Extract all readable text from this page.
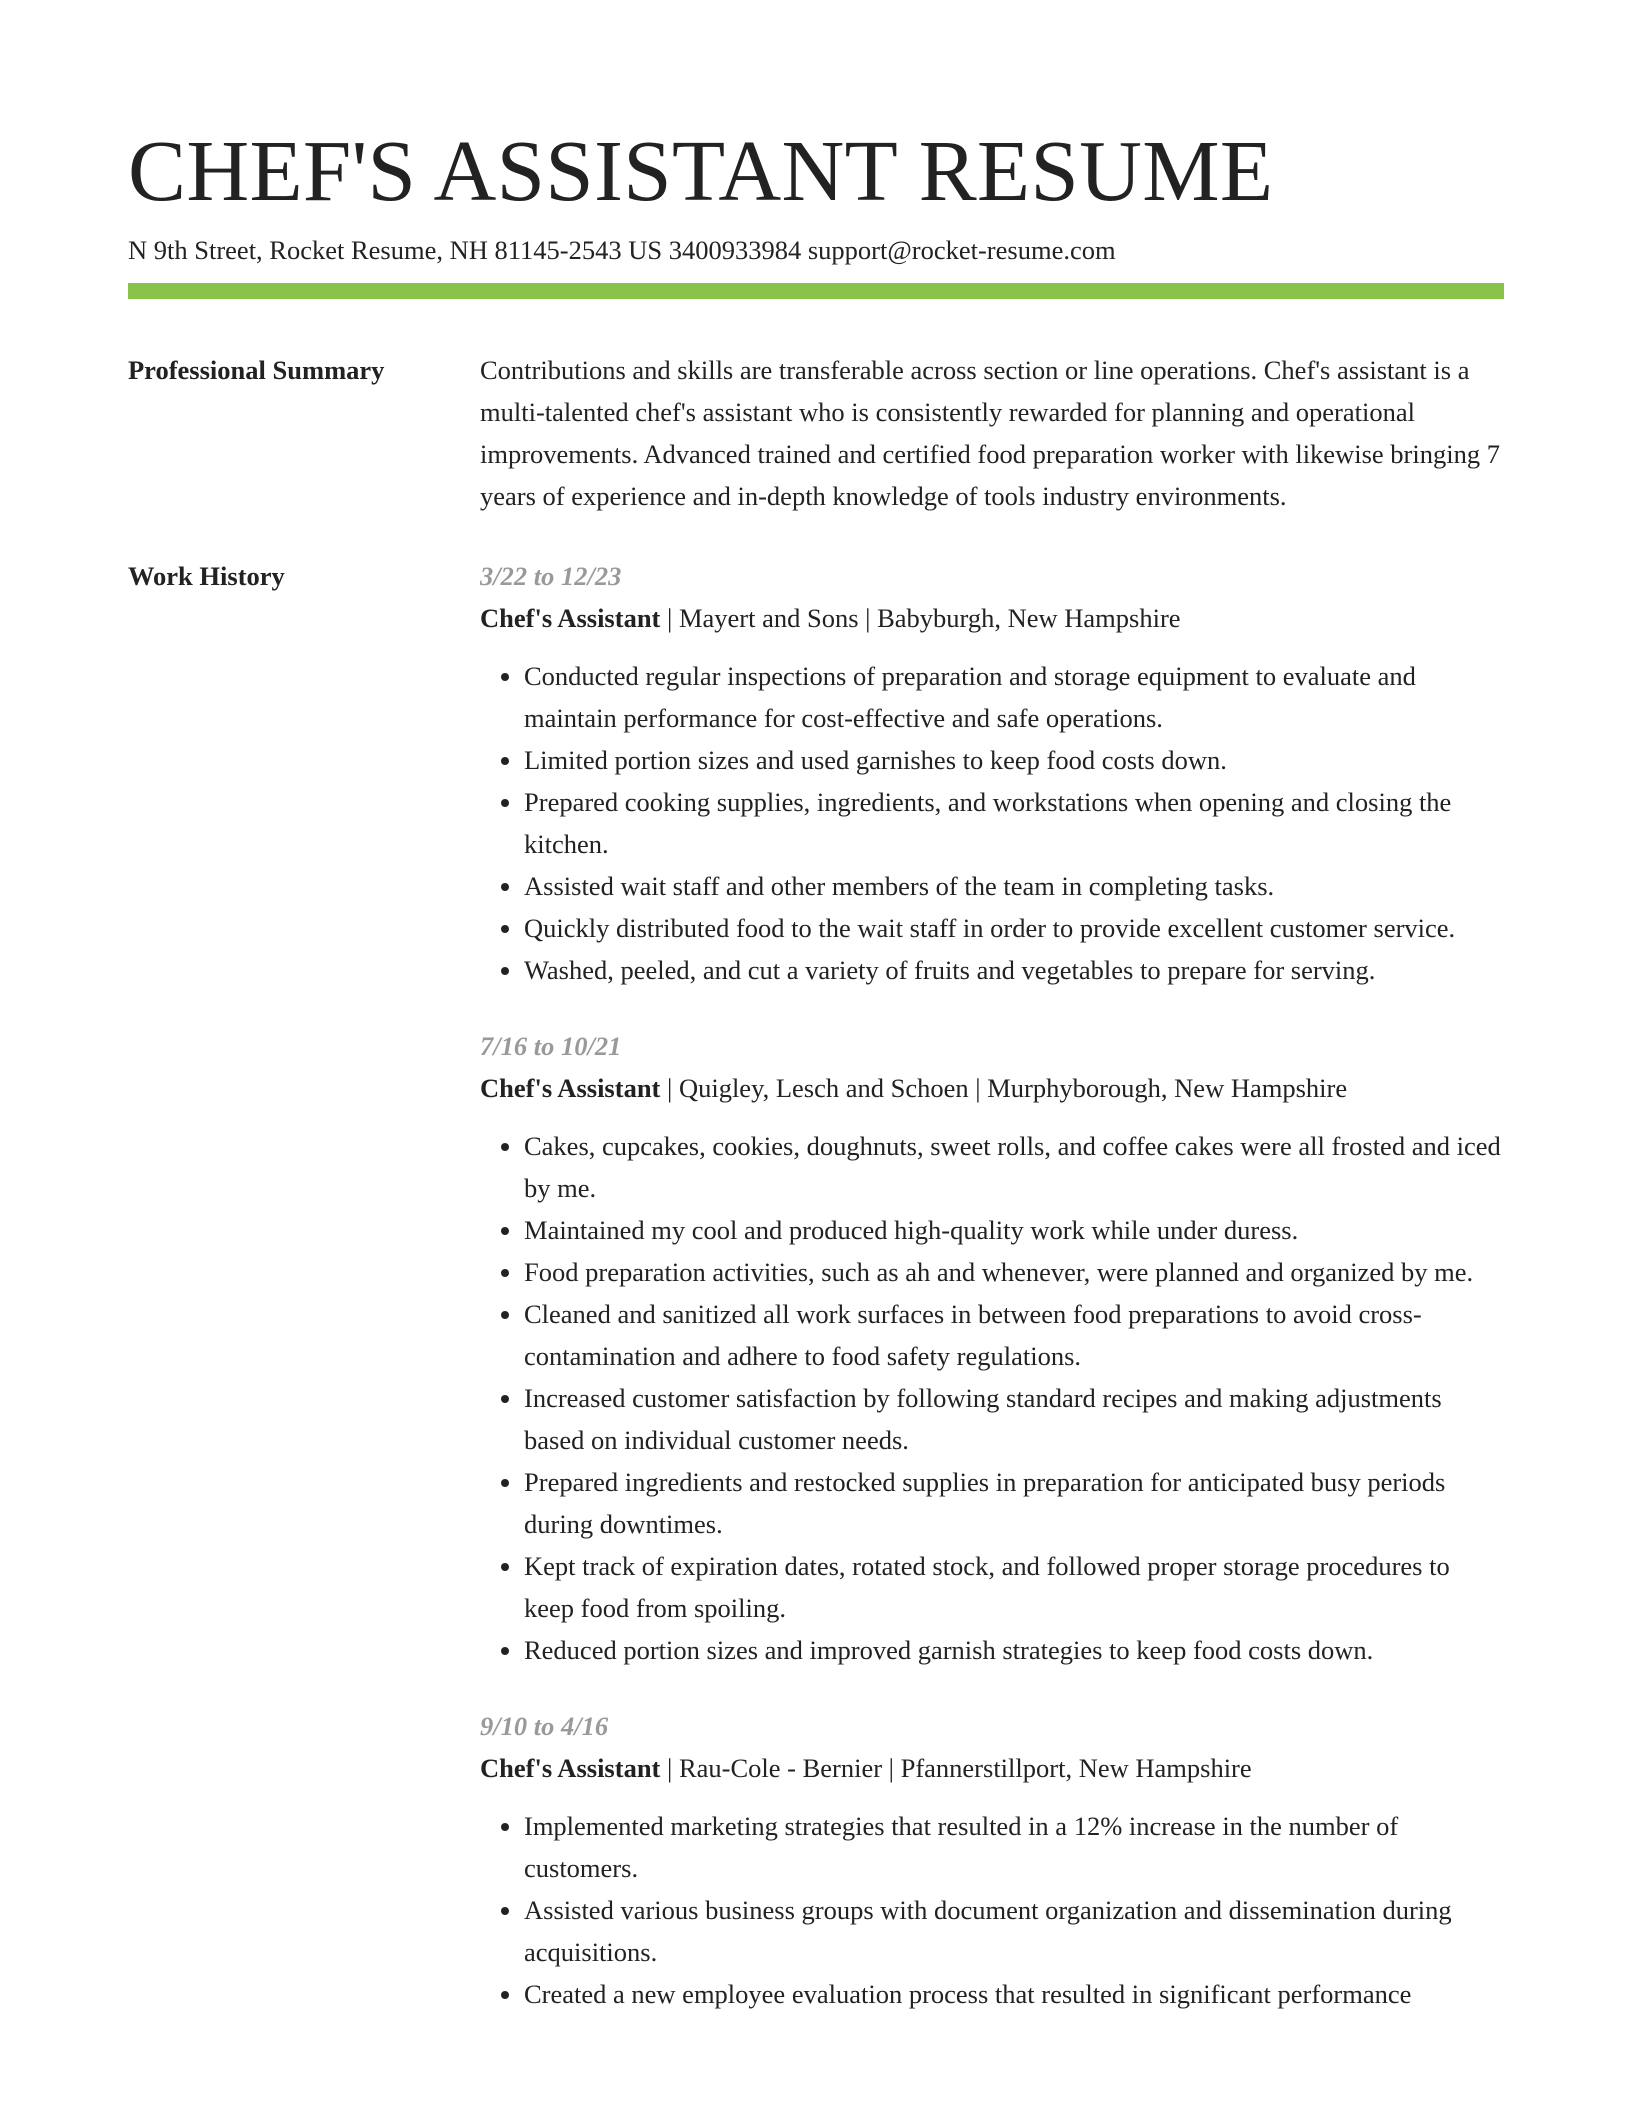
CHEF'S ASSISTANT RESUME
N 9th Street, Rocket Resume, NH 81145-2543 US 3400933984 support@rocket-resume.com
Professional Summary	Contributions and skills are transferable across section or line operations. Chef's assistant is a multi-talented chef's assistant who is consistently rewarded for planning and operational improvements. Advanced trained and certified food preparation worker with likewise bringing 7 years of experience and in-depth knowledge of tools industry environments.

Work History	3/22 to 12/23

Chef's Assistant | Mayert and Sons | Babyburgh, New Hampshire

• Conducted regular inspections of preparation and storage equipment to evaluate and maintain performance for cost-effective and safe operations.
• Limited portion sizes and used garnishes to keep food costs down.
• Prepared cooking supplies, ingredients, and workstations when opening and closing the kitchen.
• Assisted wait staff and other members of the team in completing tasks.
• Quickly distributed food to the wait staff in order to provide excellent customer service.
• Washed, peeled, and cut a variety of fruits and vegetables to prepare for serving.
7/16 to 10/21

Chef's Assistant | Quigley, Lesch and Schoen | Murphyborough, New Hampshire

• Cakes, cupcakes, cookies, doughnuts, sweet rolls, and coffee cakes were all frosted and iced by me.
• Maintained my cool and produced high-quality work while under duress.
• Food preparation activities, such as ah and whenever, were planned and organized by me.
• Cleaned and sanitized all work surfaces in between food preparations to avoid cross-contamination and adhere to food safety regulations.
• Increased customer satisfaction by following standard recipes and making adjustments based on individual customer needs.
• Prepared ingredients and restocked supplies in preparation for anticipated busy periods during downtimes.
• Kept track of expiration dates, rotated stock, and followed proper storage procedures to keep food from spoiling.
• Reduced portion sizes and improved garnish strategies to keep food costs down.
9/10 to 4/16

Chef's Assistant | Rau-Cole - Bernier | Pfannerstillport, New Hampshire

• Implemented marketing strategies that resulted in a 12% increase in the number of customers.
• Assisted various business groups with document organization and dissemination during acquisitions.
• Created a new employee evaluation process that resulted in significant performance
